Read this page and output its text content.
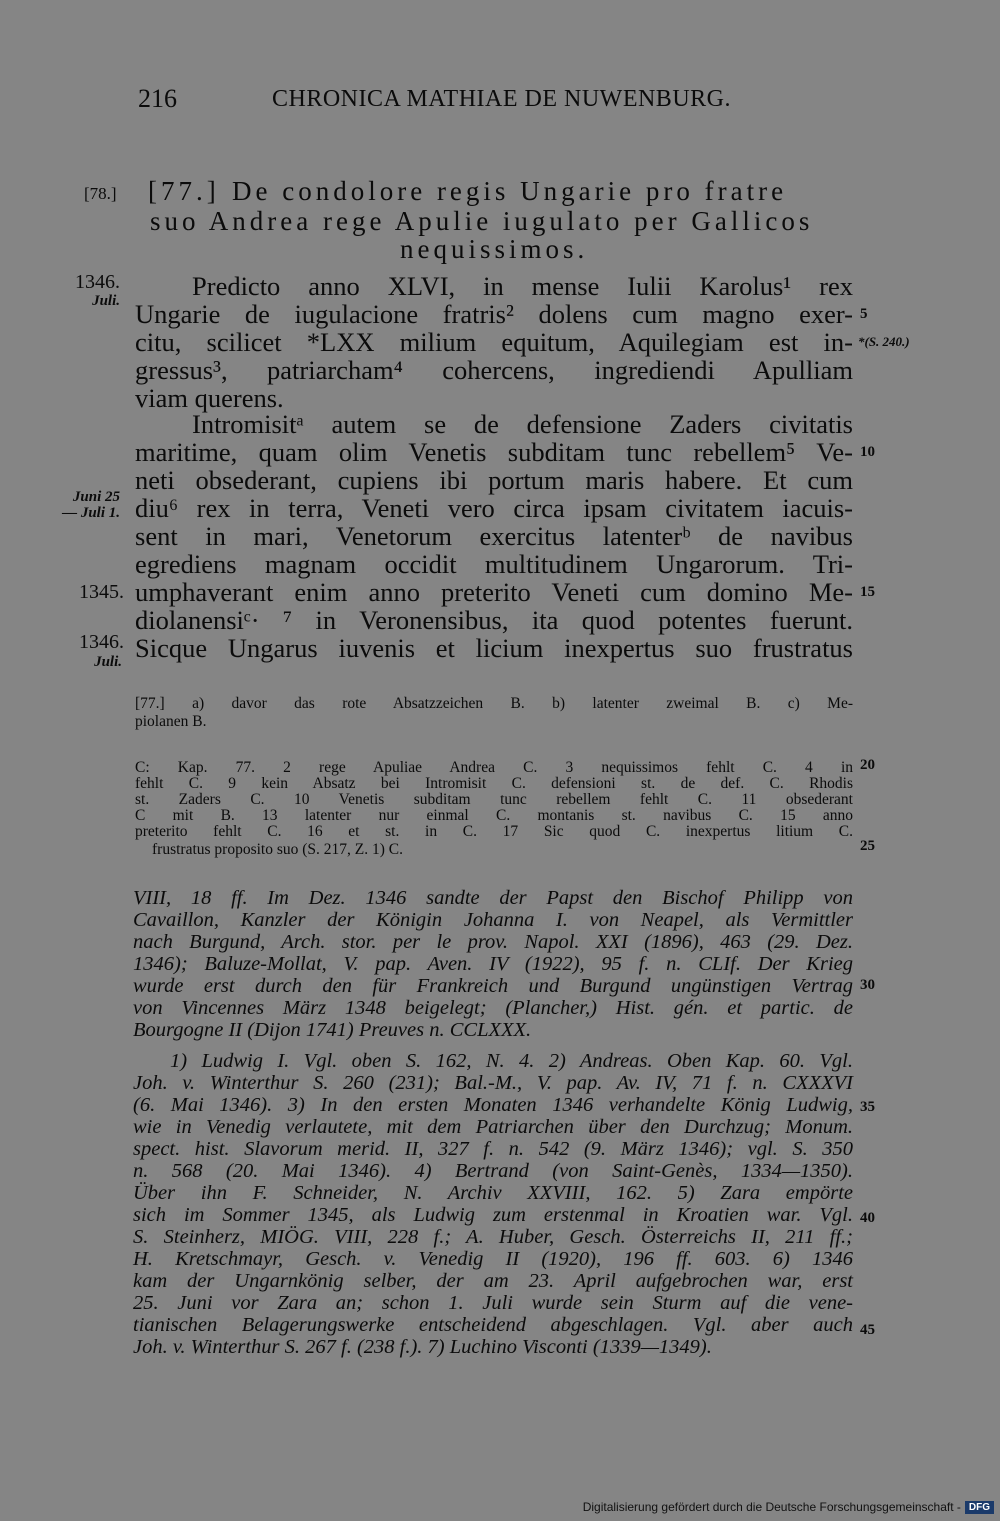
216	CHRONICA MATHIAE DE NUWENBURG.
[78.] [77.] De condolore regis Ungarie pro fratre
suo Andrea rege Apulie iugulato per Gallicos
nequissimos.
Predicto anno XLVI, in mense Iulii Karolus¹ rex
Ungarie de iugulacione fratris² dolens cum magno exer-
citu, scilicet *LXX milium equitum, Aquilegiam est in-
gressus³, patriarcham⁴ cohercens, ingrediendi Apulliam
viam querens.
Intromisitᵃ autem se de defensione Zaders civitatis
maritime, quam olim Venetis subditam tunc rebellem⁵ Ve-
neti obsederant, cupiens ibi portum maris habere. Et cum
diu⁶ rex in terra, Veneti vero circa ipsam civitatem iacuis-
sent in mari, Venetorum exercitus latenterᵇ de navibus
egrediens magnam occidit multitudinem Ungarorum. Tri-
umphaverant enim anno preterito Veneti cum domino Me-
diolanensiᶜ· ⁷ in Veronensibus, ita quod potentes fuerunt.
Sicque Ungarus iuvenis et licium inexpertus suo frustratus
1346.
Juli.
Juni 25
— Juli 1.
1345.
1346.
Juli.
5
*(S. 240.)
10
15
20
25
30
35
40
45
[77.] a) davor das rote Absatzzeichen B. b) latenter zweimal B. c) Me-
piolanen B.
C: Kap. 77. 2 rege Apuliae Andrea C. 3 nequissimos fehlt C. 4 in
fehlt C. 9 kein Absatz bei Intromisit C. defensioni st. de def. C. Rhodis
st. Zaders C. 10 Venetis subditam tunc rebellem fehlt C. 11 obsederant
C mit B. 13 latenter nur einmal C. montanis st. navibus C. 15 anno
preterito fehlt C. 16 et st. in C. 17 Sic quod C. inexpertus litium C.
frustratus proposito suo (S. 217, Z. 1) C.
VIII, 18 ff. Im Dez. 1346 sandte der Papst den Bischof Philipp von
Cavaillon, Kanzler der Königin Johanna I. von Neapel, als Vermittler
nach Burgund, Arch. stor. per le prov. Napol. XXI (1896), 463 (29. Dez.
1346); Baluze-Mollat, V. pap. Aven. IV (1922), 95 f. n. CLIf. Der Krieg
wurde erst durch den für Frankreich und Burgund ungünstigen Vertrag
von Vincennes März 1348 beigelegt; (Plancher,) Hist. gén. et partic. de
Bourgogne II (Dijon 1741) Preuves n. CCLXXX.
1) Ludwig I. Vgl. oben S. 162, N. 4. 2) Andreas. Oben Kap. 60. Vgl.
Joh. v. Winterthur S. 260 (231); Bal.-M., V. pap. Av. IV, 71 f. n. CXXXVI
(6. Mai 1346). 3) In den ersten Monaten 1346 verhandelte König Ludwig,
wie in Venedig verlautete, mit dem Patriarchen über den Durchzug; Monum.
spect. hist. Slavorum merid. II, 327 f. n. 542 (9. März 1346); vgl. S. 350
n. 568 (20. Mai 1346). 4) Bertrand (von Saint-Genès, 1334—1350).
Über ihn F. Schneider, N. Archiv XXVIII, 162. 5) Zara empörte
sich im Sommer 1345, als Ludwig zum erstenmal in Kroatien war. Vgl.
S. Steinherz, MIÖG. VIII, 228 f.; A. Huber, Gesch. Österreichs II, 211 ff.;
H. Kretschmayr, Gesch. v. Venedig II (1920), 196 ff. 603. 6) 1346
kam der Ungarnkönig selber, der am 23. April aufgebrochen war, erst
25. Juni vor Zara an; schon 1. Juli wurde sein Sturm auf die vene-
tianischen Belagerungswerke entscheidend abgeschlagen. Vgl. aber auch
Joh. v. Winterthur S. 267 f. (238 f.). 7) Luchino Visconti (1339—1349).
Digitalisierung gefördert durch die Deutsche Forschungsgemeinschaft - DFG
